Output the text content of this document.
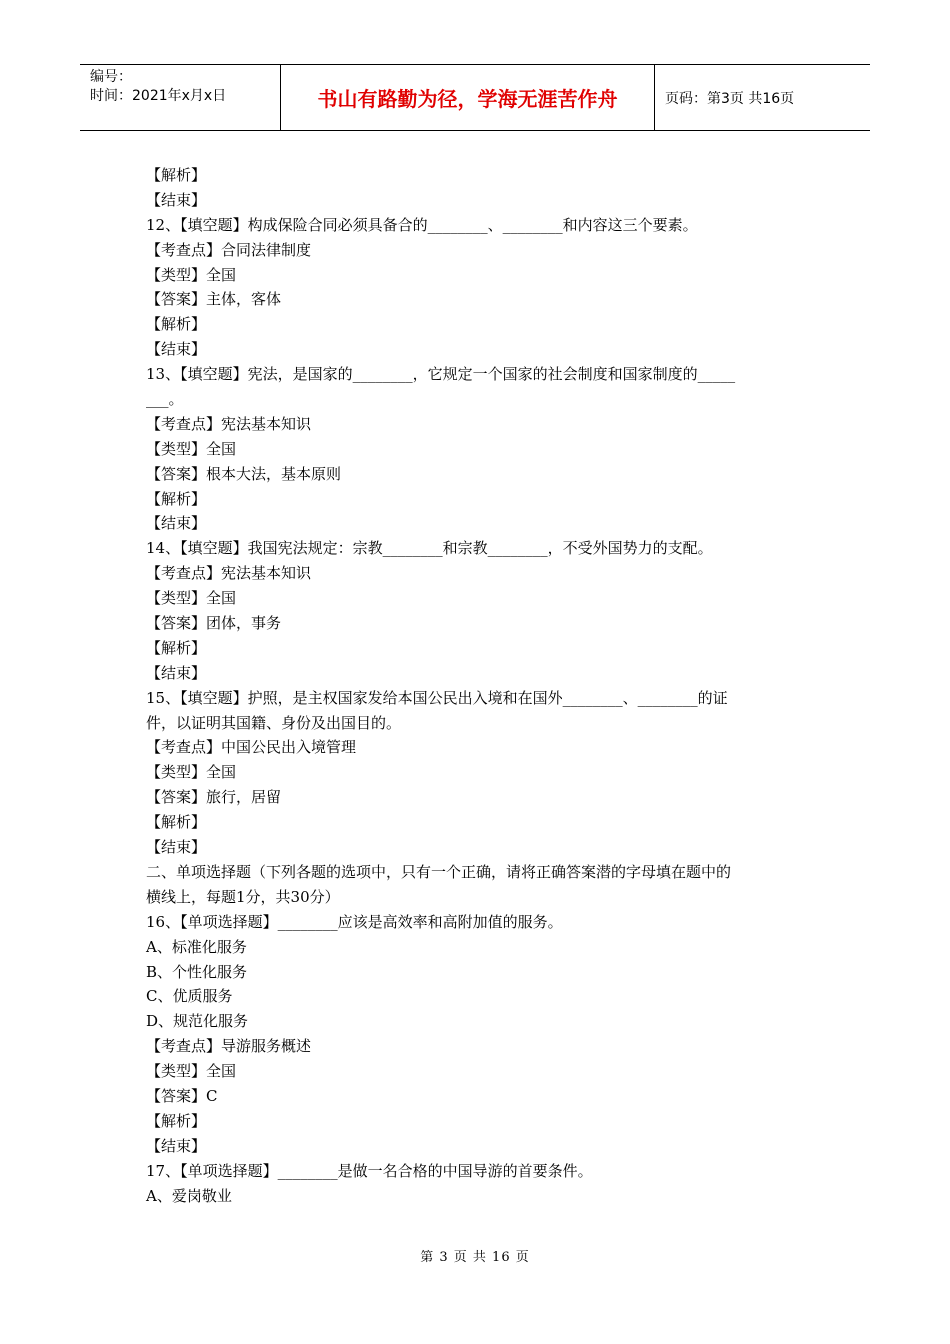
编号：
时间：2021年x月x日	书山有路勤为径，学海无涯苦作舟	页码：第3页 共16页
【解析】
【结束】
12、【填空题】构成保险合同必须具备合的________、________和内容这三个要素。
【考查点】合同法律制度
【类型】全国
【答案】主体，客体
【解析】
【结束】
13、【填空题】宪法，是国家的________，它规定一个国家的社会制度和国家制度的_____
___。
【考查点】宪法基本知识
【类型】全国
【答案】根本大法，基本原则
【解析】
【结束】
14、【填空题】我国宪法规定：宗教________和宗教________，不受外国势力的支配。
【考查点】宪法基本知识
【类型】全国
【答案】团体，事务
【解析】
【结束】
15、【填空题】护照，是主权国家发给本国公民出入境和在国外________、________的证
件，以证明其国籍、身份及出国目的。
【考查点】中国公民出入境管理
【类型】全国
【答案】旅行，居留
【解析】
【结束】
二、单项选择题（下列各题的选项中，只有一个正确，请将正确答案潜的字母填在题中的
横线上，每题1分，共30分）
16、【单项选择题】________应该是高效率和高附加值的服务。
A、标准化服务
B、个性化服务
C、优质服务
D、规范化服务
【考查点】导游服务概述
【类型】全国
【答案】C
【解析】
【结束】
17、【单项选择题】________是做一名合格的中国导游的首要条件。
A、爱岗敬业
第 3 页 共 16 页
